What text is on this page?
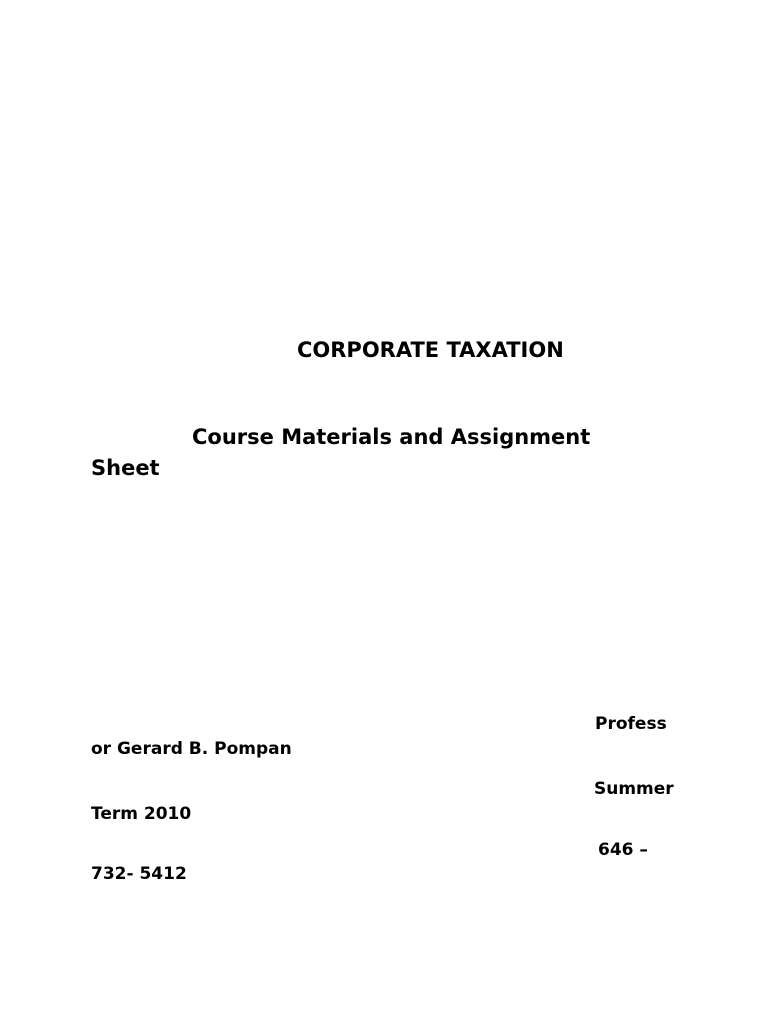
CORPORATE TAXATION
Course Materials and Assignment
Sheet
Profess
or Gerard B. Pompan
Summer
Term 2010
646 –
732- 5412
